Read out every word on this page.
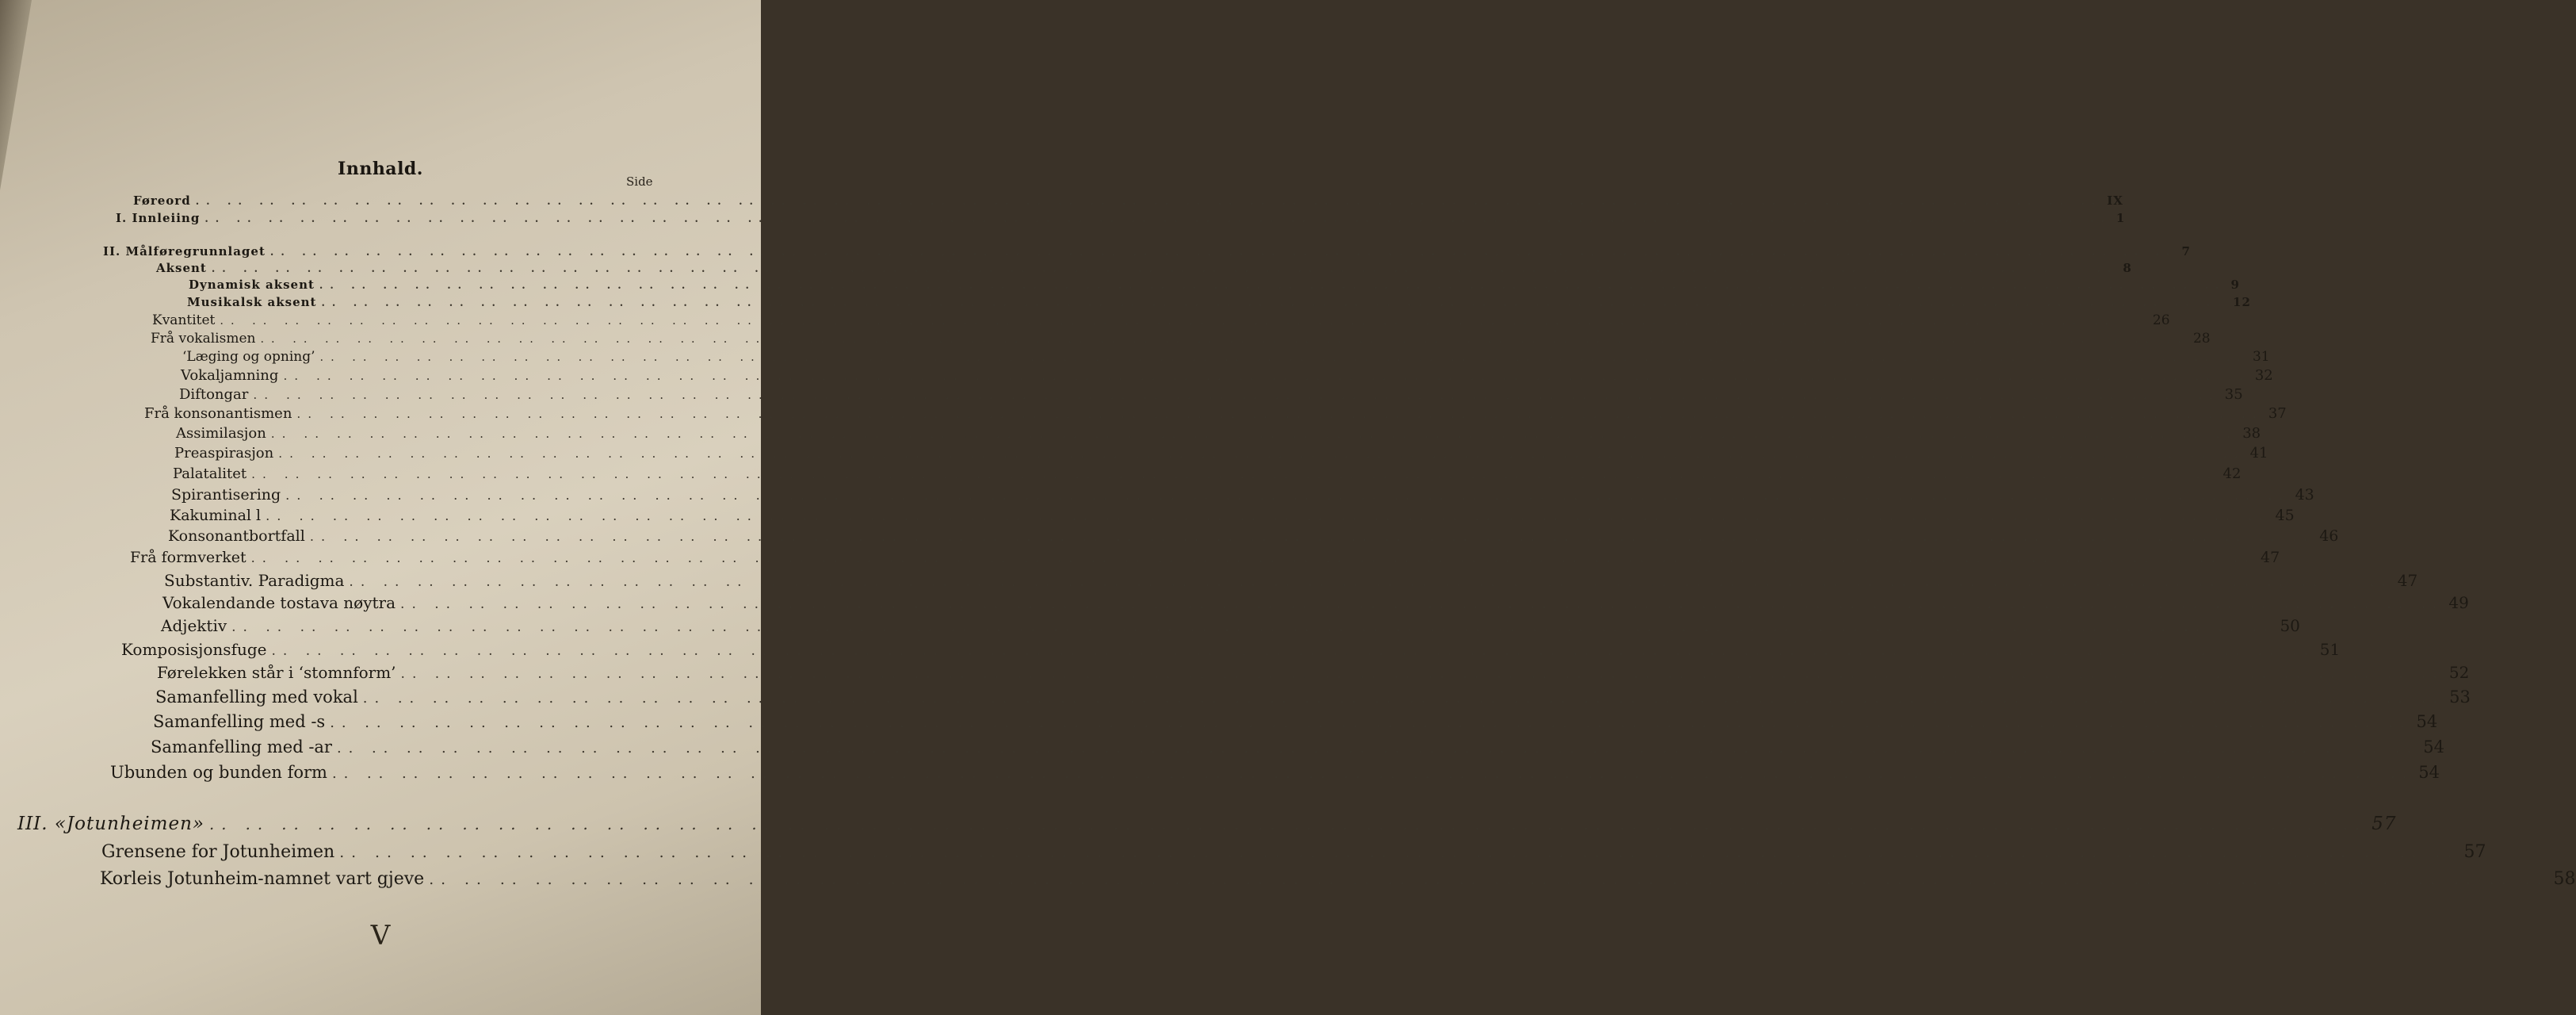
Innhald.
Side
Føreord .. .. .. .. .. .. .. .. .. .. .. .. .. .. .. .. .. .. .. .. .. .. .. .. .. .. .. .. .. .. .. .. .. .. .. .. .. .. .. .. .. .. .. .. .. .. .. .. .. .. .. .. .. .. .. .. .. .. .. .. IX
I. Innleiing .. .. .. .. .. .. .. .. .. .. .. .. .. .. .. .. .. .. .. .. .. .. .. .. .. .. .. .. .. .. .. .. .. .. .. .. .. .. .. .. .. .. .. .. .. .. .. .. .. .. .. .. .. .. .. .. .. .. .. .. 1
II. Målføregrunnlaget .. .. .. .. .. .. .. .. .. .. .. .. .. .. .. .. .. .. .. .. .. .. .. .. .. .. .. .. .. .. .. .. .. .. .. .. .. .. .. .. .. .. .. .. .. .. .. .. .. .. .. .. .. .. .. .. .. .. .. .. 7
Aksent .. .. .. .. .. .. .. .. .. .. .. .. .. .. .. .. .. .. .. .. .. .. .. .. .. .. .. .. .. .. .. .. .. .. .. .. .. .. .. .. .. .. .. .. .. .. .. .. .. .. .. .. .. .. .. .. .. .. .. .. 8
Dynamisk aksent .. .. .. .. .. .. .. .. .. .. .. .. .. .. .. .. .. .. .. .. .. .. .. .. .. .. .. .. .. .. .. .. .. .. .. .. .. .. .. .. .. .. .. .. .. .. .. .. .. .. .. .. .. .. .. .. .. .. .. .. 9
Musikalsk aksent .. .. .. .. .. .. .. .. .. .. .. .. .. .. .. .. .. .. .. .. .. .. .. .. .. .. .. .. .. .. .. .. .. .. .. .. .. .. .. .. .. .. .. .. .. .. .. .. .. .. .. .. .. .. .. .. .. .. .. .. 12
Kvantitet .. .. .. .. .. .. .. .. .. .. .. .. .. .. .. .. .. .. .. .. .. .. .. .. .. .. .. .. .. .. .. .. .. .. .. .. .. .. .. .. .. .. .. .. .. .. .. .. .. .. .. .. .. .. .. .. .. .. .. .. 26
Frå vokalismen .. .. .. .. .. .. .. .. .. .. .. .. .. .. .. .. .. .. .. .. .. .. .. .. .. .. .. .. .. .. .. .. .. .. .. .. .. .. .. .. .. .. .. .. .. .. .. .. .. .. .. .. .. .. .. .. .. .. .. .. 28
‘Læging og opning’ .. .. .. .. .. .. .. .. .. .. .. .. .. .. .. .. .. .. .. .. .. .. .. .. .. .. .. .. .. .. .. .. .. .. .. .. .. .. .. .. .. .. .. .. .. .. .. .. .. .. .. .. .. .. .. .. .. .. .. .. 31
Vokaljamning .. .. .. .. .. .. .. .. .. .. .. .. .. .. .. .. .. .. .. .. .. .. .. .. .. .. .. .. .. .. .. .. .. .. .. .. .. .. .. .. .. .. .. .. .. .. .. .. .. .. .. .. .. .. .. .. .. .. .. .. 32
Diftongar .. .. .. .. .. .. .. .. .. .. .. .. .. .. .. .. .. .. .. .. .. .. .. .. .. .. .. .. .. .. .. .. .. .. .. .. .. .. .. .. .. .. .. .. .. .. .. .. .. .. .. .. .. .. .. .. .. .. .. .. 35
Frå konsonantismen .. .. .. .. .. .. .. .. .. .. .. .. .. .. .. .. .. .. .. .. .. .. .. .. .. .. .. .. .. .. .. .. .. .. .. .. .. .. .. .. .. .. .. .. .. .. .. .. .. .. .. .. .. .. .. .. .. .. .. .. 37
Assimilasjon .. .. .. .. .. .. .. .. .. .. .. .. .. .. .. .. .. .. .. .. .. .. .. .. .. .. .. .. .. .. .. .. .. .. .. .. .. .. .. .. .. .. .. .. .. .. .. .. .. .. .. .. .. .. .. .. .. .. .. .. 38
Preaspirasjon .. .. .. .. .. .. .. .. .. .. .. .. .. .. .. .. .. .. .. .. .. .. .. .. .. .. .. .. .. .. .. .. .. .. .. .. .. .. .. .. .. .. .. .. .. .. .. .. .. .. .. .. .. .. .. .. .. .. .. .. 41
Palatalitet .. .. .. .. .. .. .. .. .. .. .. .. .. .. .. .. .. .. .. .. .. .. .. .. .. .. .. .. .. .. .. .. .. .. .. .. .. .. .. .. .. .. .. .. .. .. .. .. .. .. .. .. .. .. .. .. .. .. .. .. 42
Spirantisering .. .. .. .. .. .. .. .. .. .. .. .. .. .. .. .. .. .. .. .. .. .. .. .. .. .. .. .. .. .. .. .. .. .. .. .. .. .. .. .. .. .. .. .. .. .. .. .. .. .. .. .. .. .. .. .. .. .. .. .. 43
Kakuminal l .. .. .. .. .. .. .. .. .. .. .. .. .. .. .. .. .. .. .. .. .. .. .. .. .. .. .. .. .. .. .. .. .. .. .. .. .. .. .. .. .. .. .. .. .. .. .. .. .. .. .. .. .. .. .. .. .. .. .. .. 45
Konsonantbortfall .. .. .. .. .. .. .. .. .. .. .. .. .. .. .. .. .. .. .. .. .. .. .. .. .. .. .. .. .. .. .. .. .. .. .. .. .. .. .. .. .. .. .. .. .. .. .. .. .. .. .. .. .. .. .. .. .. .. .. .. 46
Frå formverket .. .. .. .. .. .. .. .. .. .. .. .. .. .. .. .. .. .. .. .. .. .. .. .. .. .. .. .. .. .. .. .. .. .. .. .. .. .. .. .. .. .. .. .. .. .. .. .. .. .. .. .. .. .. .. .. .. .. .. .. 47
Substantiv. Paradigma .. .. .. .. .. .. .. .. .. .. .. .. .. .. .. .. .. .. .. .. .. .. .. .. .. .. .. .. .. .. .. .. .. .. .. .. .. .. .. .. .. .. .. .. .. .. .. .. .. .. .. .. .. .. .. .. .. .. .. .. 47
Vokalendande tostava nøytra .. .. .. .. .. .. .. .. .. .. .. .. .. .. .. .. .. .. .. .. .. .. .. .. .. .. .. .. .. .. .. .. .. .. .. .. .. .. .. .. .. .. .. .. .. .. .. .. .. .. .. .. .. .. .. .. .. .. .. .. 49
Adjektiv .. .. .. .. .. .. .. .. .. .. .. .. .. .. .. .. .. .. .. .. .. .. .. .. .. .. .. .. .. .. .. .. .. .. .. .. .. .. .. .. .. .. .. .. .. .. .. .. .. .. .. .. .. .. .. .. .. .. .. .. 50
Komposisjonsfuge .. .. .. .. .. .. .. .. .. .. .. .. .. .. .. .. .. .. .. .. .. .. .. .. .. .. .. .. .. .. .. .. .. .. .. .. .. .. .. .. .. .. .. .. .. .. .. .. .. .. .. .. .. .. .. .. .. .. .. .. 51
Førelekken står i ‘stomnform’ .. .. .. .. .. .. .. .. .. .. .. .. .. .. .. .. .. .. .. .. .. .. .. .. .. .. .. .. .. .. .. .. .. .. .. .. .. .. .. .. .. .. .. .. .. .. .. .. .. .. .. .. .. .. .. .. .. .. .. .. 52
Samanfelling med vokal .. .. .. .. .. .. .. .. .. .. .. .. .. .. .. .. .. .. .. .. .. .. .. .. .. .. .. .. .. .. .. .. .. .. .. .. .. .. .. .. .. .. .. .. .. .. .. .. .. .. .. .. .. .. .. .. .. .. .. .. 53
Samanfelling med -s .. .. .. .. .. .. .. .. .. .. .. .. .. .. .. .. .. .. .. .. .. .. .. .. .. .. .. .. .. .. .. .. .. .. .. .. .. .. .. .. .. .. .. .. .. .. .. .. .. .. .. .. .. .. .. .. .. .. .. .. 54
Samanfelling med -ar .. .. .. .. .. .. .. .. .. .. .. .. .. .. .. .. .. .. .. .. .. .. .. .. .. .. .. .. .. .. .. .. .. .. .. .. .. .. .. .. .. .. .. .. .. .. .. .. .. .. .. .. .. .. .. .. .. .. .. .. 54
Ubunden og bunden form .. .. .. .. .. .. .. .. .. .. .. .. .. .. .. .. .. .. .. .. .. .. .. .. .. .. .. .. .. .. .. .. .. .. .. .. .. .. .. .. .. .. .. .. .. .. .. .. .. .. .. .. .. .. .. .. .. .. .. .. 54
III. «Jotunheimen» .. .. .. .. .. .. .. .. .. .. .. .. .. .. .. .. .. .. .. .. .. .. .. .. .. .. .. .. .. .. .. .. .. .. .. .. .. .. .. .. .. .. .. .. .. .. .. .. .. .. .. .. .. .. .. .. .. .. .. .. 57
Grensene for Jotunheimen .. .. .. .. .. .. .. .. .. .. .. .. .. .. .. .. .. .. .. .. .. .. .. .. .. .. .. .. .. .. .. .. .. .. .. .. .. .. .. .. .. .. .. .. .. .. .. .. .. .. .. .. .. .. .. .. .. .. .. .. 57
Korleis Jotunheim-namnet vart gjeve .. .. .. .. .. .. .. .. .. .. .. .. .. .. .. .. .. .. .. .. .. .. .. .. .. .. .. .. .. .. .. .. .. .. .. .. .. .. .. .. .. .. .. .. .. .. .. .. .. .. .. .. .. .. .. .. .. .. .. .. 58
V
